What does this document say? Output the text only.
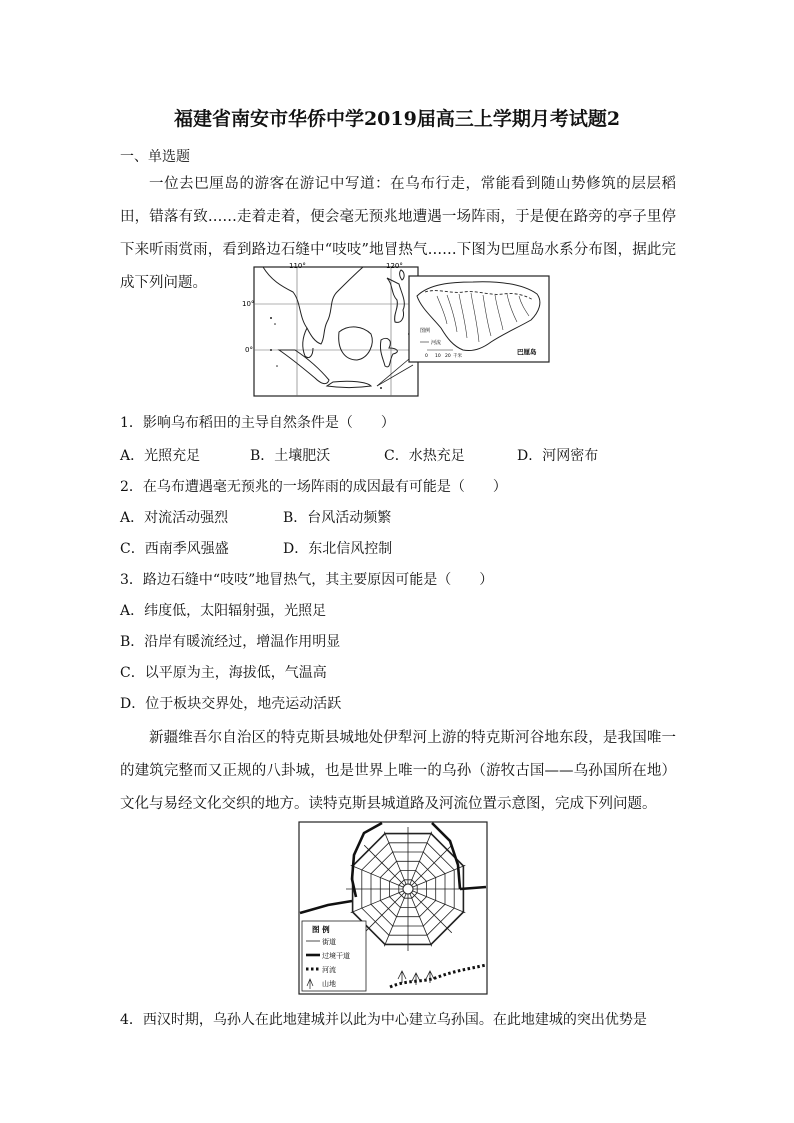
福建省南安市华侨中学2019届高三上学期月考试题2
一、单选题
一位去巴厘岛的游客在游记中写道：在乌布行走，常能看到随山势修筑的层层稻田，错落有致……走着走着，便会毫无预兆地遭遇一场阵雨，于是便在路旁的亭子里停下来听雨赏雨，看到路边石缝中“吱吱”地冒热气……下图为巴厘岛水系分布图，据此完成下列问题。
110°	120°
10°
0°	巴厘岛
图例
河流
0 10 20 千米
1．影响乌布稻田的主导自然条件是（　　）
A．光照充足	B．土壤肥沃	C．水热充足	D．河网密布
2．在乌布遭遇毫无预兆的一场阵雨的成因最有可能是（　　）
A．对流活动强烈	B．台风活动频繁
C．西南季风强盛	D．东北信风控制
3．路边石缝中“吱吱”地冒热气，其主要原因可能是（　　）
A．纬度低，太阳辐射强，光照足
B．沿岸有暖流经过，增温作用明显
C．以平原为主，海拔低，气温高
D．位于板块交界处，地壳运动活跃
新疆维吾尔自治区的特克斯县城地处伊犁河上游的特克斯河谷地东段，是我国唯一的建筑完整而又正规的八卦城，也是世界上唯一的乌孙（游牧古国——乌孙国所在地）文化与易经文化交织的地方。读特克斯县城道路及河流位置示意图，完成下列问题。
图 例
街道
过境干道
河流
山地
4．西汉时期，乌孙人在此地建城并以此为中心建立乌孙国。在此地建城的突出优势是
